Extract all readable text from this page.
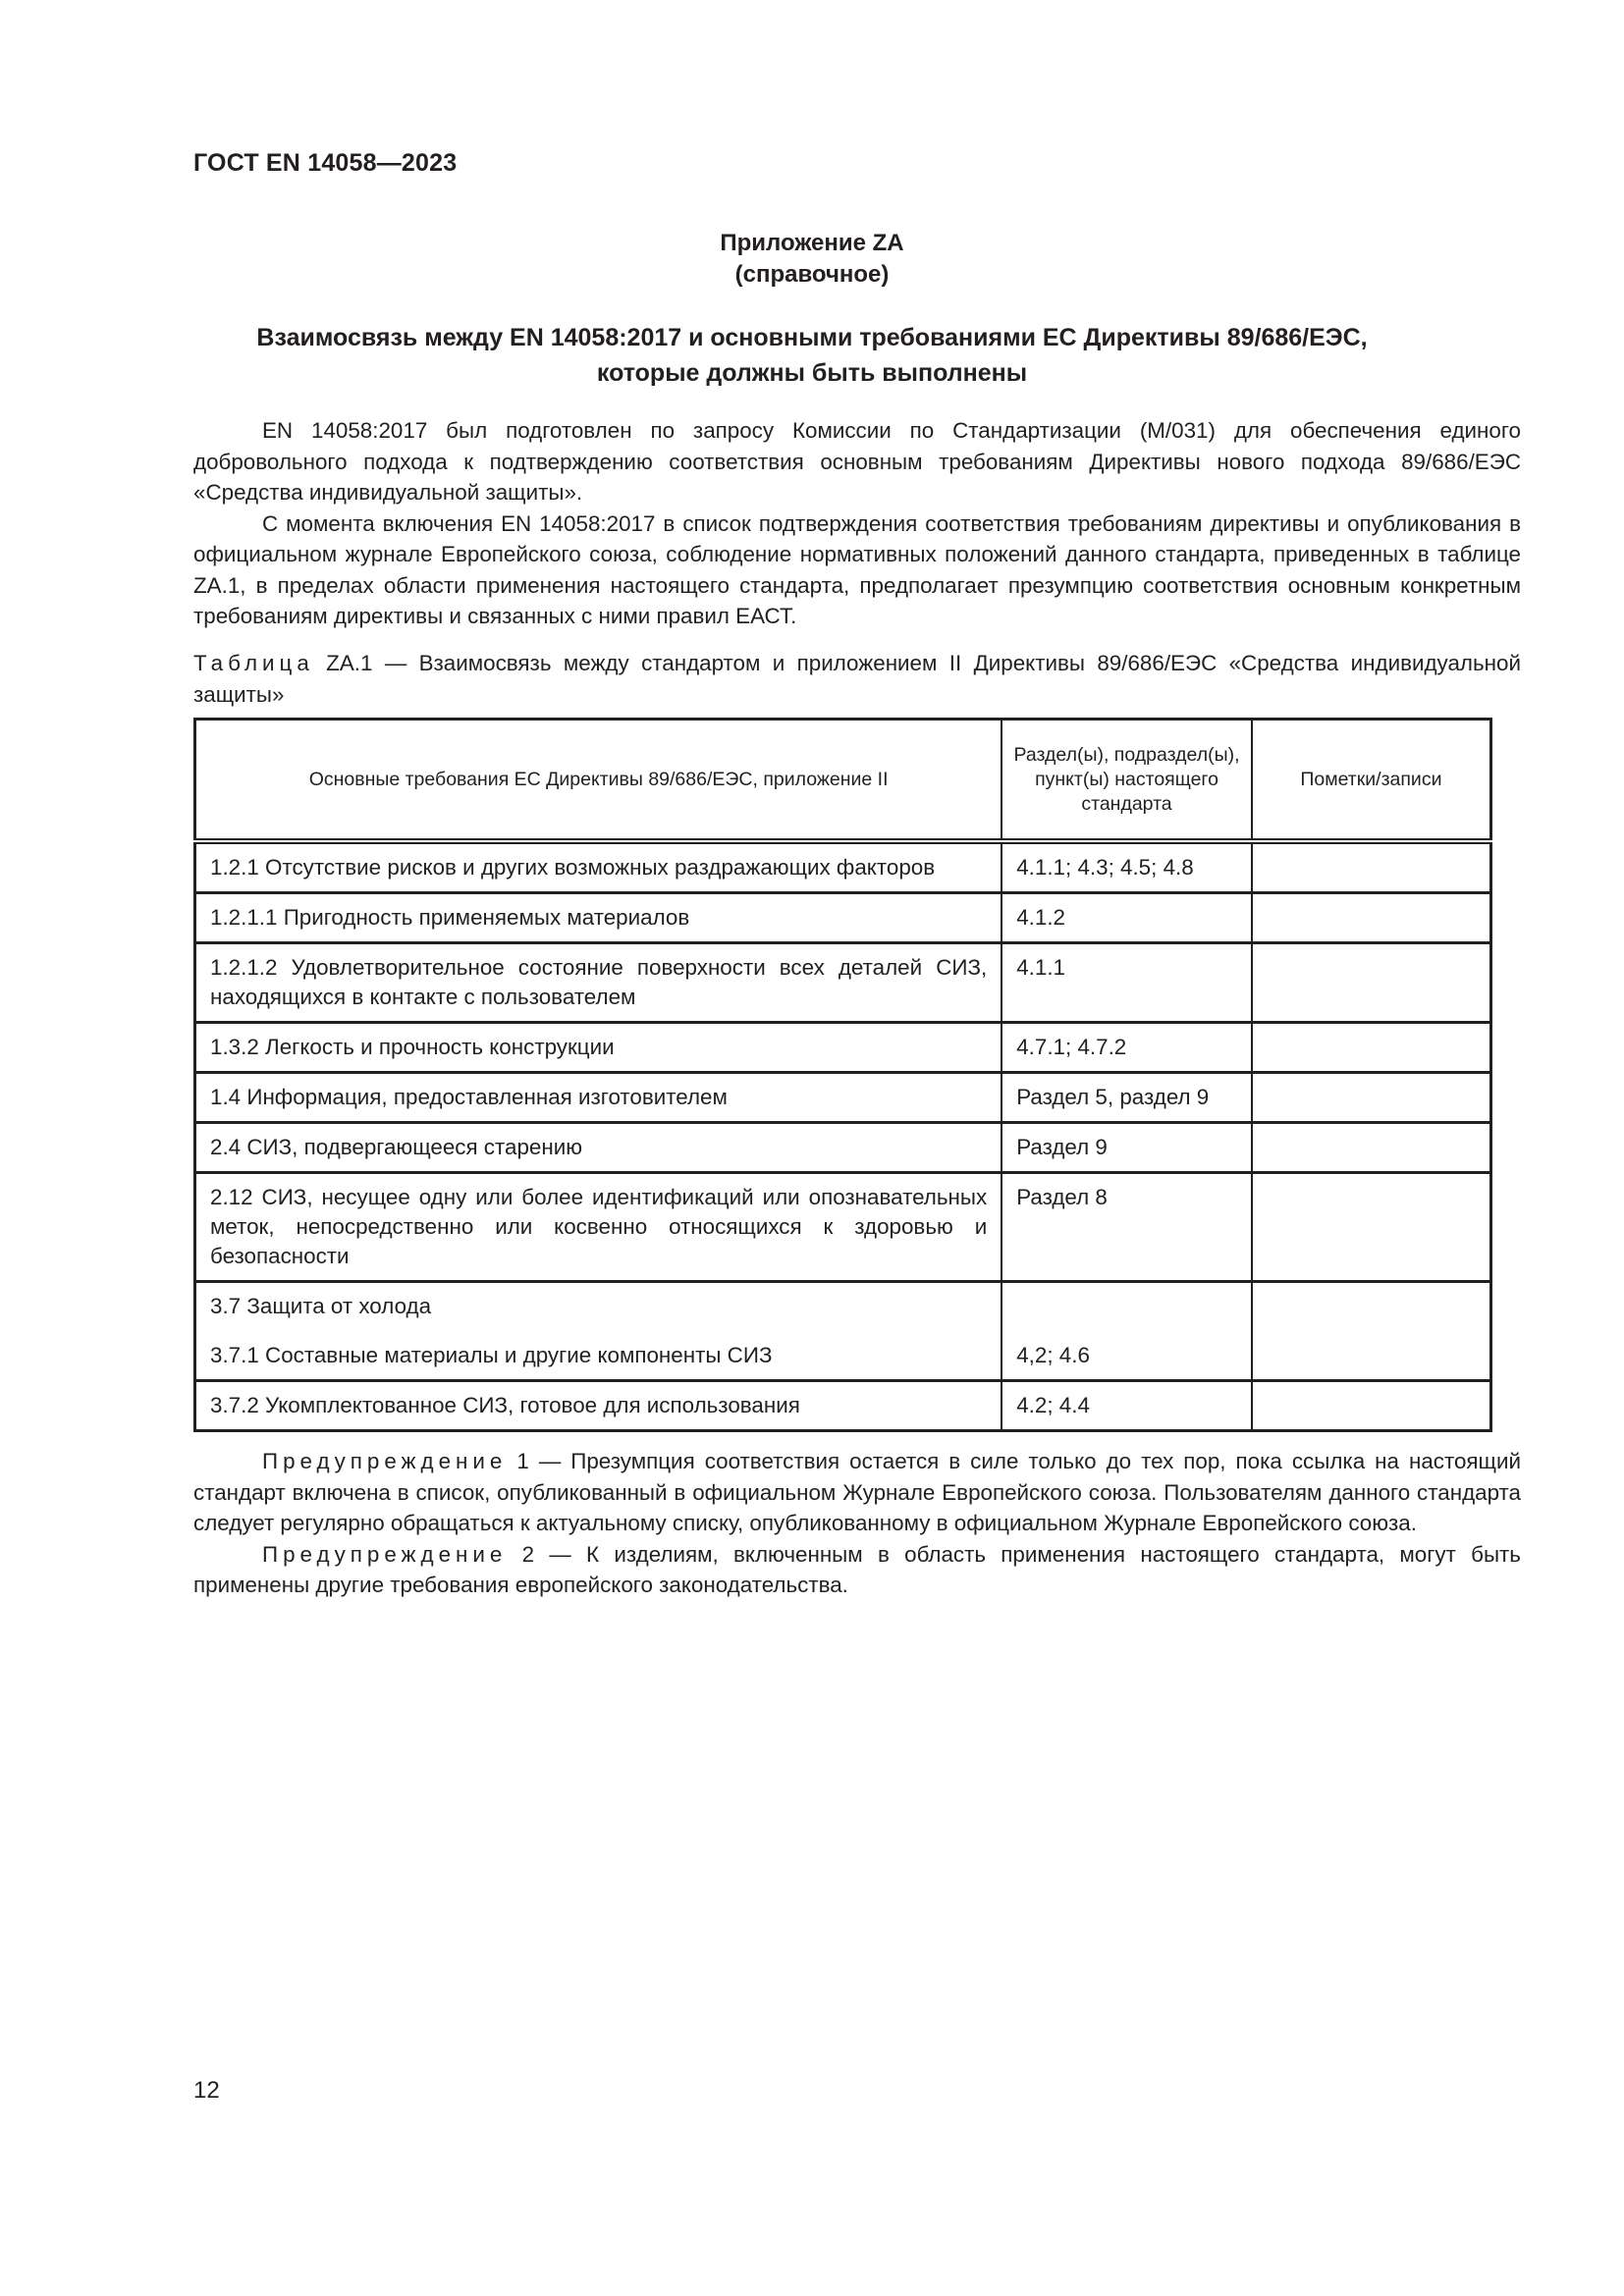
ГОСТ EN 14058—2023
Приложение ZA
(справочное)
Взаимосвязь между EN 14058:2017 и основными требованиями ЕС Директивы 89/686/ЕЭС,
которые должны быть выполнены

EN 14058:2017 был подготовлен по запросу Комиссии по Стандартизации (M/031) для обеспечения единого добровольного подхода к подтверждению соответствия основным требованиям Директивы нового подхода 89/686/ЕЭС «Средства индивидуальной защиты».

С момента включения EN 14058:2017 в список подтверждения соответствия требованиям директивы и опубликования в официальном журнале Европейского союза, соблюдение нормативных положений данного стандарта, приведенных в таблице ZA.1, в пределах области применения настоящего стандарта, предполагает презумпцию соответствия основным конкретным требованиям директивы и связанных с ними правил ЕАСТ.

Таблица ZA.1 — Взаимосвязь между стандартом и приложением II Директивы 89/686/ЕЭС «Средства индивидуальной защиты»
Основные требования ЕС Директивы 89/686/ЕЭС, приложение II	Раздел(ы), подраздел(ы), пункт(ы) настоящего стандарта	Пометки/записи
1.2.1 Отсутствие рисков и других возможных раздражающих факторов	4.1.1; 4.3; 4.5; 4.8	
1.2.1.1 Пригодность применяемых материалов	4.1.2	
1.2.1.2 Удовлетворительное состояние поверхности всех деталей СИЗ, находящихся в контакте с пользователем	4.1.1	
1.3.2 Легкость и прочность конструкции	4.7.1; 4.7.2	
1.4 Информация, предоставленная изготовителем	Раздел 5, раздел 9	
2.4 СИЗ, подвергающееся старению	Раздел 9	
2.12 СИЗ, несущее одну или более идентификаций или опознавательных меток, непосредственно или косвенно относящихся к здоровью и безопасности	Раздел 8	
3.7 Защита от холода
3.7.1 Составные материалы и другие компоненты СИЗ	4,2; 4.6	

3.7.2 Укомплектованное СИЗ, готовое для использования	4.2; 4.4	

Предупреждение 1 — Презумпция соответствия остается в силе только до тех пор, пока ссылка на настоящий стандарт включена в список, опубликованный в официальном Журнале Европейского союза. Пользователям данного стандарта следует регулярно обращаться к актуальному списку, опубликованному в официальном Журнале Европейского союза.

Предупреждение 2 — К изделиям, включенным в область применения настоящего стандарта, могут быть применены другие требования европейского законодательства.

12
